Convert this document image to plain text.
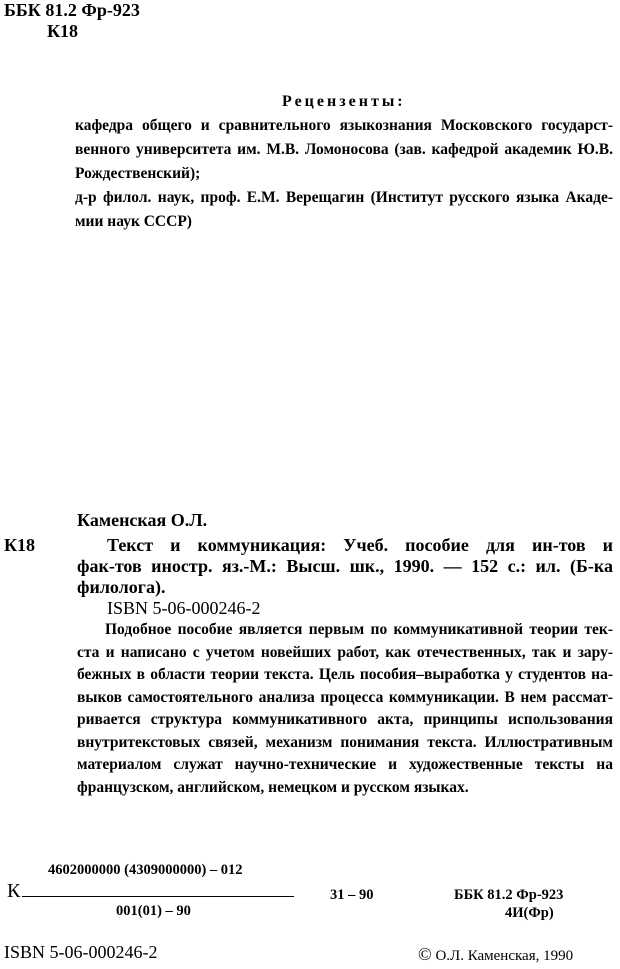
ББК 81.2 Фр-923
К18
Рецензенты:
кафедра общего и сравнительного языкознания Московского государст-
венного университета им. М.В. Ломоносова (зав. кафедрой академик Ю.В.
Рождественский);
д-р филол. наук, проф. Е.М. Верещагин (Институт русского языка Акаде-
мии наук СССР)
Каменская О.Л.
К18	Текст и коммуникация: Учеб. пособие для ин-тов и
фак-тов иностр. яз.-М.: Высш. шк., 1990. — 152 с.: ил. (Б-ка
филолога).
ISBN 5-06-000246-2
Подобное пособие является первым по коммуникативной теории тек-
ста и написано с учетом новейших работ, как отечественных, так и зару-
бежных в области теории текста. Цель пособия–выработка у студентов на-
выков самостоятельного анализа процесса коммуникации. В нем рассмат-
ривается структура коммуникативного акта, принципы использования
внутритекстовых связей, механизм понимания текста. Иллюстративным
материалом служат научно-технические и художественные тексты на
французском, английском, немецком и русском языках.
4602000000 (4309000000) – 012
К	31 – 90
001(01) – 90
ББК 81.2 Фр-923
4И(Фр)
ISBN 5-06-000246-2	© О.Л. Каменская, 1990
